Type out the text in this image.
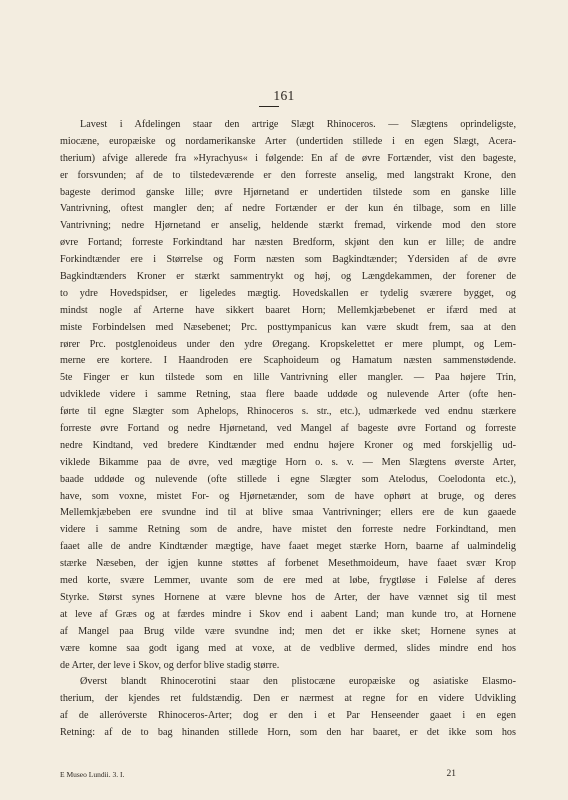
161
Lavest i Afdelingen staar den artrige Slægt Rhinoceros. — Slægtens oprindeligste,
miocæne, europæiske og nordamerikanske Arter (undertiden stillede i en egen Slægt, Acera-
therium) afvige allerede fra »Hyrachyus« i følgende: En af de øvre Fortænder, vist den bageste,
er forsvunden; af de to tilstedeværende er den forreste anselig, med langstrakt Krone, den
bageste derimod ganske lille; øvre Hjørnetand er undertiden tilstede som en ganske lille
Vantrivning, oftest mangler den; af nedre Fortænder er der kun én tilbage, som en lille
Vantrivning; nedre Hjørnetand er anselig, heldende stærkt fremad, virkende mod den store
øvre Fortand; forreste Forkindtand har næsten Bredform, skjønt den kun er lille; de andre
Forkindtænder ere i Størrelse og Form næsten som Bagkindtænder; Ydersiden af de øvre
Bagkindtænders Kroner er stærkt sammentrykt og høj, og Længdekammen, der forener de
to ydre Hovedspidser, er ligeledes mægtig. Hovedskallen er tydelig sværere bygget, og
mindst nogle af Arterne have sikkert baaret Horn; Mellemkjæbebenet er ifærd med at
miste Forbindelsen med Næsebenet; Prc. posttympanicus kan være skudt frem, saa at den
rører Prc. postglenoideus under den ydre Øregang. Kropskelettet er mere plumpt, og Lem-
merne ere kortere. I Haandroden ere Scaphoideum og Hamatum næsten sammenstødende.
5te Finger er kun tilstede som en lille Vantrivning eller mangler. — Paa højere Trin,
udviklede videre i samme Retning, staa flere baade uddøde og nulevende Arter (ofte hen-
førte til egne Slægter som Aphelops, Rhinoceros s. str., etc.), udmærkede ved endnu stærkere
forreste øvre Fortand og nedre Hjørnetand, ved Mangel af bageste øvre Fortand og forreste
nedre Kindtand, ved bredere Kindtænder med endnu højere Kroner og med forskjellig ud-
viklede Bikamme paa de øvre, ved mægtige Horn o. s. v. — Men Slægtens øverste Arter,
baade uddøde og nulevende (ofte stillede i egne Slægter som Atelodus, Coelodonta etc.),
have, som voxne, mistet For- og Hjørnetænder, som de have ophørt at bruge, og deres
Mellemkjæbeben ere svundne ind til at blive smaa Vantrivninger; ellers ere de kun gaaede
videre i samme Retning som de andre, have mistet den forreste nedre Forkindtand, men
faaet alle de andre Kindtænder mægtige, have faaet meget stærke Horn, baarne af ualmindelig
stærke Næseben, der igjen kunne støttes af forbenet Mesethmoideum, have faaet svær Krop
med korte, svære Lemmer, uvante som de ere med at løbe, frygtløse i Følelse af deres
Styrke. Størst synes Hornene at være blevne hos de Arter, der have vænnet sig til mest
at leve af Græs og at færdes mindre i Skov end i aabent Land; man kunde tro, at Hornene
af Mangel paa Brug vilde være svundne ind; men det er ikke sket; Hornene synes at
være komne saa godt igang med at voxe, at de vedblive dermed, slides mindre end hos
de Arter, der leve i Skov, og derfor blive stadig større.
Øverst blandt Rhinocerotini staar den plistocæne europæiske og asiatiske Elasmo-
therium, der kjendes ret fuldstændig. Den er nærmest at regne for en videre Udvikling
af de alleróverste Rhinoceros-Arter; dog er den i et Par Henseender gaaet i en egen
Retning: af de to bag hinanden stillede Horn, som den har baaret, er det ikke som hos
E Museo Lundii. 3. I.	21
